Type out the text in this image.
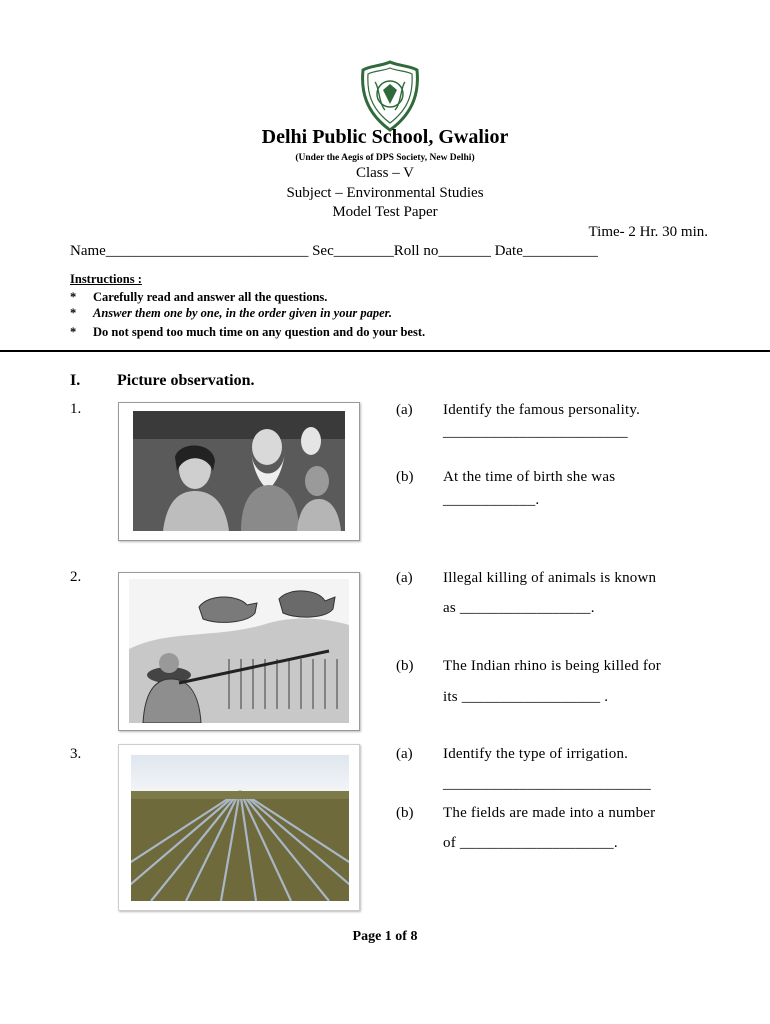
Delhi Public School, Gwalior
(Under the Aegis of DPS Society, New Delhi)
Class – V
Subject – Environmental Studies
Model Test Paper
Time- 2 Hr. 30 min.
Name___________________________ Sec________Roll no_______ Date__________
Instructions :
* Carefully read and answer all the questions.
* Answer them one by one, in the order given in your paper.
* Do not spend too much time on any question and do your best.
I. Picture observation.
1.	(a) Identify the famous personality.
________________________
(b) At the time of birth she was
____________.
2.	(a) Illegal killing of animals is known
as _________________.
(b) The Indian rhino is being killed for
its __________________ .
3.	(a) Identify the type of irrigation.
___________________________
(b) The fields are made into a number
of ____________________.
Page 1 of 8
